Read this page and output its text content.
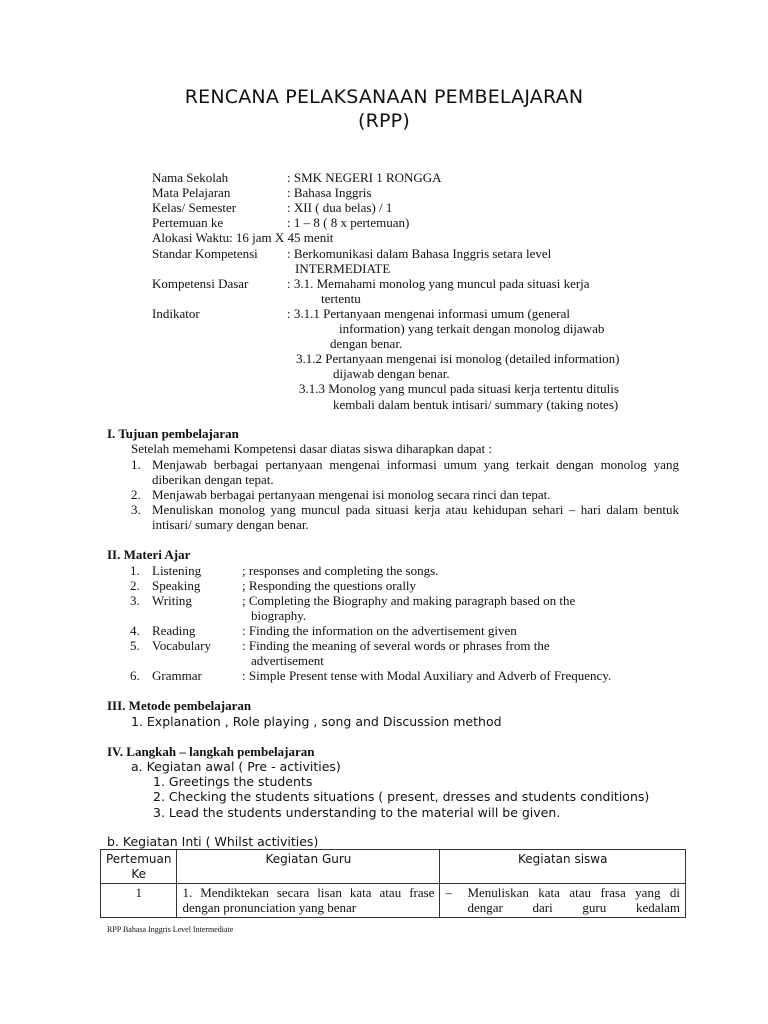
RENCANA PELAKSANAAN PEMBELAJARAN
(RPP)
Nama Sekolah	: SMK NEGERI 1 RONGGA
Mata Pelajaran	: Bahasa Inggris
Kelas/ Semester	: XII ( dua belas) / 1
Pertemuan ke	: 1 – 8 ( 8 x pertemuan)
Alokasi Waktu: 16 jam X 45 menit
Standar Kompetensi : Berkomunikasi dalam Bahasa Inggris setara level
INTERMEDIATE
Kompetensi Dasar	: 3.1. Memahami monolog yang muncul pada situasi kerja
tertentu
Indikator	: 3.1.1 Pertanyaan mengenai informasi umum (general
information) yang terkait dengan monolog dijawab
dengan benar.
3.1.2 Pertanyaan mengenai isi monolog (detailed information)
dijawab dengan benar.
3.1.3 Monolog yang muncul pada situasi kerja tertentu ditulis
kembali dalam bentuk intisari/ summary (taking notes)
I. Tujuan pembelajaran
Setelah memehami Kompetensi dasar diatas siswa diharapkan dapat :
1. Menjawab berbagai pertanyaan mengenai informasi umum yang terkait dengan monolog yang diberikan dengan tepat.
2. Menjawab berbagai pertanyaan mengenai isi monolog secara rinci dan tepat.
3. Menuliskan monolog yang muncul pada situasi kerja atau kehidupan sehari – hari dalam bentuk intisari/ sumary dengan benar.
II. Materi Ajar
1. Listening	; responses and completing the songs.
2. Speaking	; Responding the questions orally
3. Writing	; Completing the Biography and making paragraph based on the
biography.
4. Reading	: Finding the information on the advertisement given
5. Vocabulary : Finding the meaning of several words or phrases from the
advertisement
6. Grammar	: Simple Present tense with Modal Auxiliary and Adverb of Frequency.
III. Metode pembelajaran
1. Explanation , Role playing , song and Discussion method
IV. Langkah – langkah pembelajaran
a. Kegiatan awal ( Pre - activities)
1. Greetings the students
2. Checking the students situations ( present, dresses and students conditions)
3. Lead the students understanding to the material will be given.
b. Kegiatan Inti ( Whilst activities)
Pertemuan Ke	Kegiatan Guru	Kegiatan siswa
1	1. Mendiktekan secara lisan kata atau frase dengan pronunciation yang benar	– Menuliskan kata atau frasa yang di dengar dari guru kedalam
RPP Bahasa Inggris Level Intermediate
